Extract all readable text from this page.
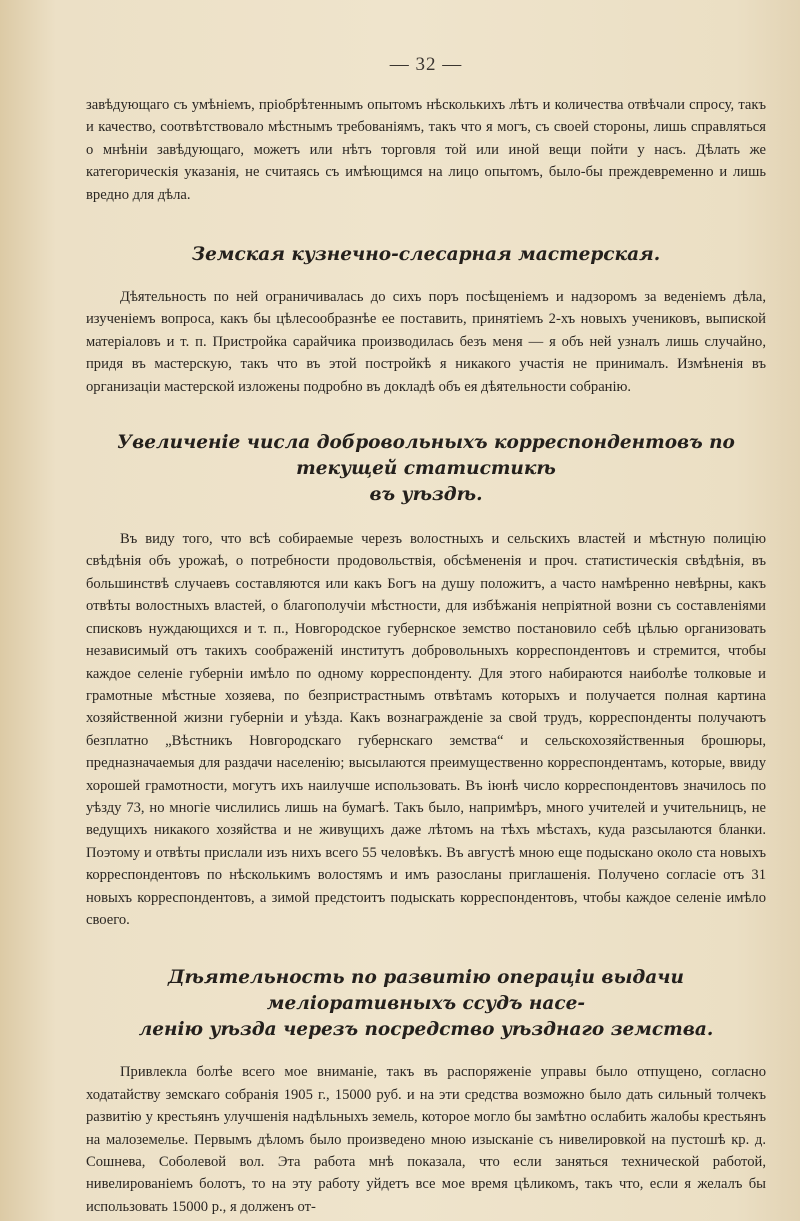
— 32 —

завѣдующаго съ умѣніемъ, пріобрѣтеннымъ опытомъ нѣсколькихъ лѣтъ и количества отвѣчали спросу, такъ и качество, соотвѣтствовало мѣстнымъ требованіямъ, такъ что я могъ, съ своей стороны, лишь справляться о мнѣніи завѣдующаго, можетъ или нѣтъ торговля той или иной вещи пойти у насъ. Дѣлать же категорическія указанія, не считаясь съ имѣющимся на лицо опытомъ, было-бы преждевременно и лишь вредно для дѣла.

Земская кузнечно-слесарная мастерская.

Дѣятельность по ней ограничивалась до сихъ поръ посѣщеніемъ и надзоромъ за веденіемъ дѣла, изученіемъ вопроса, какъ бы цѣлесообразнѣе ее поставить, принятіемъ 2-хъ новыхъ учениковъ, выпиской матеріаловъ и т. п. Пристройка сарайчика производилась безъ меня — я объ ней узналъ лишь случайно, придя въ мастерскую, такъ что въ этой постройкѣ я никакого участія не принималъ. Измѣненія въ организаціи мастерской изложены подробно въ докладѣ объ ея дѣятельности собранію.

Увеличеніе числа добровольныхъ корреспондентовъ по текущей статистикѣ
въ уѣздѣ.

Въ виду того, что всѣ собираемые черезъ волостныхъ и сельскихъ властей и мѣстную полицію свѣдѣнія объ урожаѣ, о потребности продовольствія, обсѣмененія и проч. статистическія свѣдѣнія, въ большинствѣ случаевъ составляются или какъ Богъ на душу положитъ, а часто намѣренно невѣрны, какъ отвѣты волостныхъ властей, о благополучіи мѣстности, для избѣжанія непріятной возни съ составленіями списковъ нуждающихся и т. п., Новгородское губернское земство постановило себѣ цѣлью организовать независимый отъ такихъ соображеній институтъ добровольныхъ корреспондентовъ и стремится, чтобы каждое селеніе губерніи имѣло по одному корреспонденту. Для этого набираются наиболѣе толковые и грамотные мѣстные хозяева, по безпристрастнымъ отвѣтамъ которыхъ и получается полная картина хозяйственной жизни губерніи и уѣзда. Какъ вознагражденіе за свой трудъ, корреспонденты получаютъ безплатно „Вѣстникъ Новгородскаго губернскаго земства“ и сельскохозяйственныя брошюры, предназначаемыя для раздачи населенію; высылаются преимущественно корреспондентамъ, которые, ввиду хорошей грамотности, могутъ ихъ наилучше использовать. Въ іюнѣ число корреспондентовъ значилось по уѣзду 73, но многіе числились лишь на бумагѣ. Такъ было, напримѣръ, много учителей и учительницъ, не ведущихъ никакого хозяйства и не живущихъ даже лѣтомъ на тѣхъ мѣстахъ, куда разсылаются бланки. Поэтому и отвѣты прислали изъ нихъ всего 55 человѣкъ. Въ августѣ мною еще подыскано около ста новыхъ корреспондентовъ по нѣсколькимъ волостямъ и имъ разосланы приглашенія. Получено согласіе отъ 31 новыхъ корреспондентовъ, а зимой предстоитъ подыскать корреспондентовъ, чтобы каждое селеніе имѣло своего.

Дѣятельность по развитію операціи выдачи меліоративныхъ ссудъ насе-
ленію уѣзда черезъ посредство уѣзднаго земства.

Привлекла болѣе всего мое вниманіе, такъ въ распоряженіе управы было отпущено, согласно ходатайству земскаго собранія 1905 г., 15000 руб. и на эти средства возможно было дать сильный толчекъ развитію у крестьянъ улучшенія надѣльныхъ земель, которое могло бы замѣтно ослабить жалобы крестьянъ на малоземелье. Первымъ дѣломъ было произведено мною изысканіе съ нивелировкой на пустошѣ кр. д. Сошнева, Соболевой вол. Эта работа мнѣ показала, что если заняться технической работой, нивелированіемъ болотъ, то на эту работу уйдетъ все мое время цѣликомъ, такъ что, если я желалъ бы использовать 15000 р., я долженъ от-
